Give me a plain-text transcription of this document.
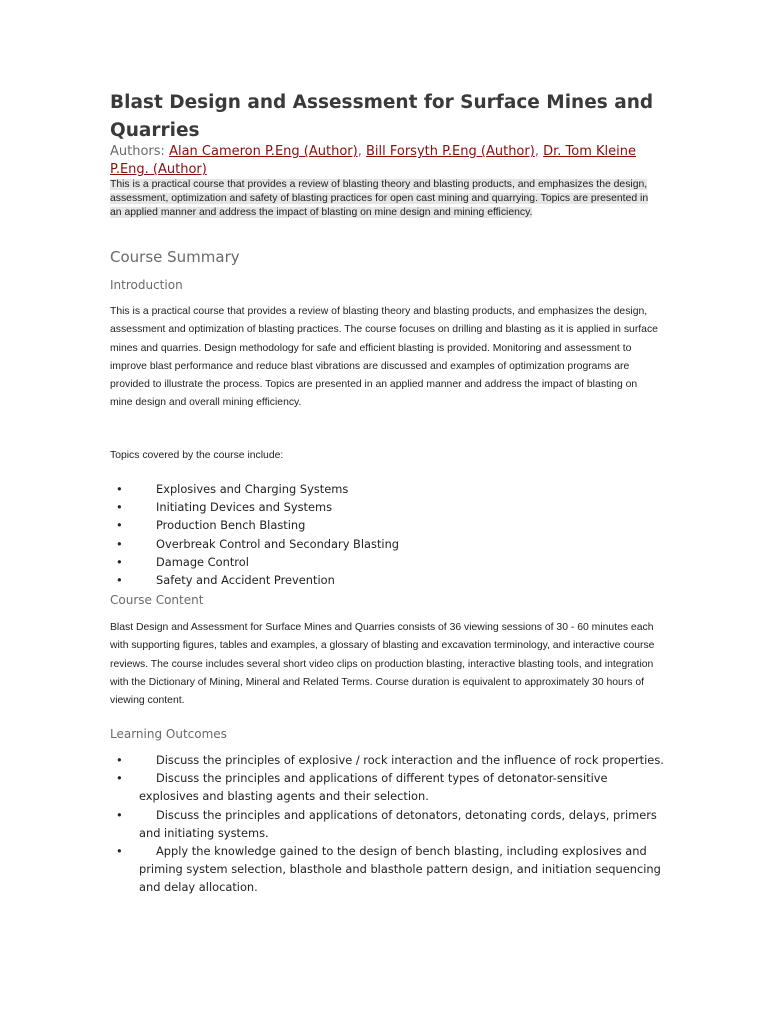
Blast Design and Assessment for Surface Mines and Quarries
Authors: Alan Cameron P.Eng (Author), Bill Forsyth P.Eng (Author), Dr. Tom Kleine P.Eng. (Author)
This is a practical course that provides a review of blasting theory and blasting products, and emphasizes the design, assessment, optimization and safety of blasting practices for open cast mining and quarrying. Topics are presented in an applied manner and address the impact of blasting on mine design and mining efficiency.
Course Summary
Introduction

This is a practical course that provides a review of blasting theory and blasting products, and emphasizes the design, assessment and optimization of blasting practices. The course focuses on drilling and blasting as it is applied in surface mines and quarries. Design methodology for safe and efficient blasting is provided. Monitoring and assessment to improve blast performance and reduce blast vibrations are discussed and examples of optimization programs are provided to illustrate the process. Topics are presented in an applied manner and address the impact of blasting on mine design and overall mining efficiency.

Topics covered by the course include:

•	Explosives and Charging Systems
•	Initiating Devices and Systems
•	Production Bench Blasting
•	Overbreak Control and Secondary Blasting
•	Damage Control
•	Safety and Accident Prevention
Course Content

Blast Design and Assessment for Surface Mines and Quarries consists of 36 viewing sessions of 30 - 60 minutes each with supporting figures, tables and examples, a glossary of blasting and excavation terminology, and interactive course reviews. The course includes several short video clips on production blasting, interactive blasting tools, and integration with the Dictionary of Mining, Mineral and Related Terms. Course duration is equivalent to approximately 30 hours of viewing content.

Learning Outcomes
•	Discuss the principles of explosive / rock interaction and the influence of rock properties.
•	Discuss the principles and applications of different types of detonator-sensitive explosives and blasting agents and their selection.
•	Discuss the principles and applications of detonators, detonating cords, delays, primers and initiating systems.
•	Apply the knowledge gained to the design of bench blasting, including explosives and priming system selection, blasthole and blasthole pattern design, and initiation sequencing and delay allocation.
